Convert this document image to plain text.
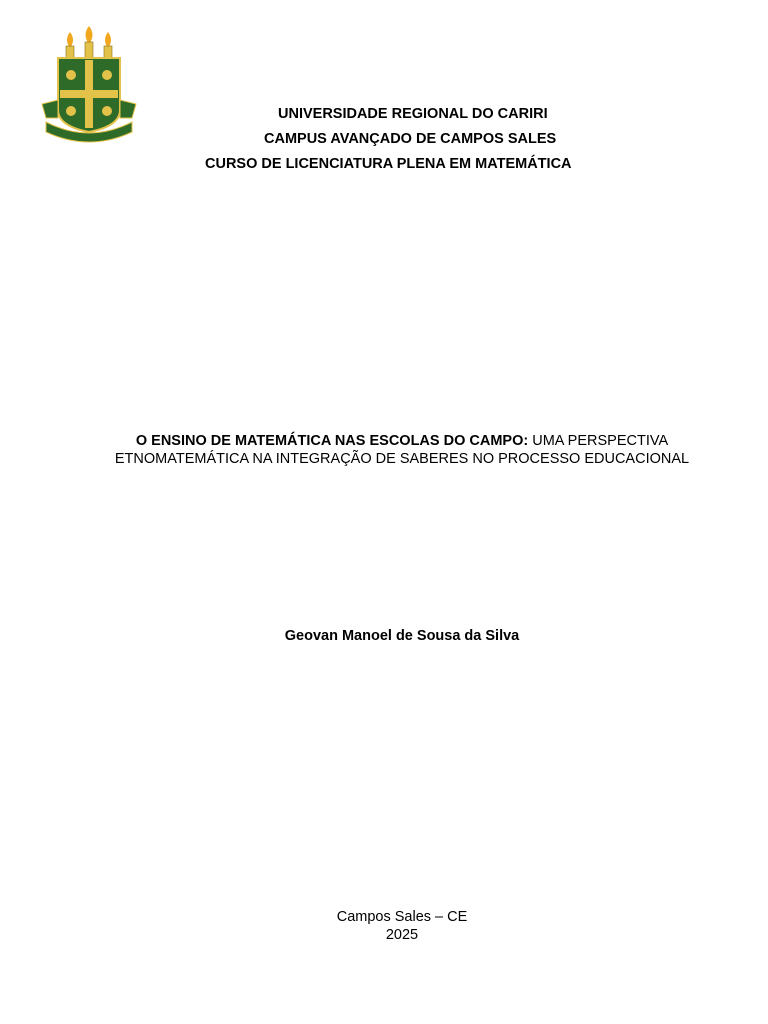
UNIVERSIDADE REGIONAL DO CARIRI
CAMPUS AVANÇADO DE CAMPOS SALES
CURSO DE LICENCIATURA PLENA EM MATEMÁTICA
O ENSINO DE MATEMÁTICA NAS ESCOLAS DO CAMPO: UMA PERSPECTIVA ETNOMATEMÁTICA NA INTEGRAÇÃO DE SABERES NO PROCESSO EDUCACIONAL
Geovan Manoel de Sousa da Silva
Campos Sales – CE
2025
